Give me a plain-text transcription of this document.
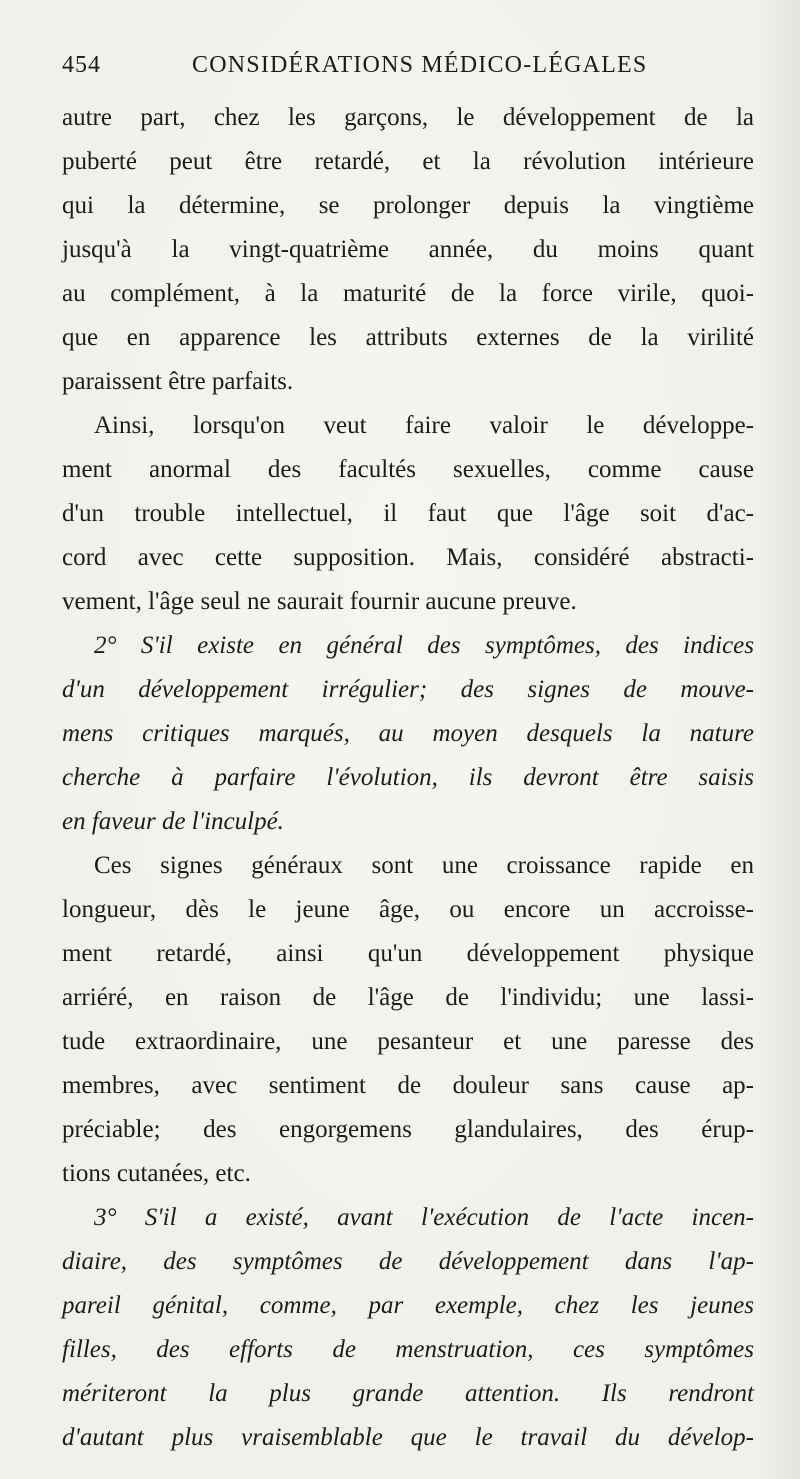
454	CONSIDÉRATIONS MÉDICO-LÉGALES
autre part, chez les garçons, le développement de la
puberté peut être retardé, et la révolution intérieure
qui la détermine, se prolonger depuis la vingtième
jusqu'à la vingt-quatrième année, du moins quant
au complément, à la maturité de la force virile, quoi-
que en apparence les attributs externes de la virilité
paraissent être parfaits.
Ainsi, lorsqu'on veut faire valoir le développe-
ment anormal des facultés sexuelles, comme cause
d'un trouble intellectuel, il faut que l'âge soit d'ac-
cord avec cette supposition. Mais, considéré abstracti-
vement, l'âge seul ne saurait fournir aucune preuve.
2° S'il existe en général des symptômes, des indices
d'un développement irrégulier; des signes de mouve-
mens critiques marqués, au moyen desquels la nature
cherche à parfaire l'évolution, ils devront être saisis
en faveur de l'inculpé.
Ces signes généraux sont une croissance rapide en
longueur, dès le jeune âge, ou encore un accroisse-
ment retardé, ainsi qu'un développement physique
arriéré, en raison de l'âge de l'individu; une lassi-
tude extraordinaire, une pesanteur et une paresse des
membres, avec sentiment de douleur sans cause ap-
préciable; des engorgemens glandulaires, des érup-
tions cutanées, etc.
3° S'il a existé, avant l'exécution de l'acte incen-
diaire, des symptômes de développement dans l'ap-
pareil génital, comme, par exemple, chez les jeunes
filles, des efforts de menstruation, ces symptômes
mériteront la plus grande attention. Ils rendront
d'autant plus vraisemblable que le travail du dévelop-
